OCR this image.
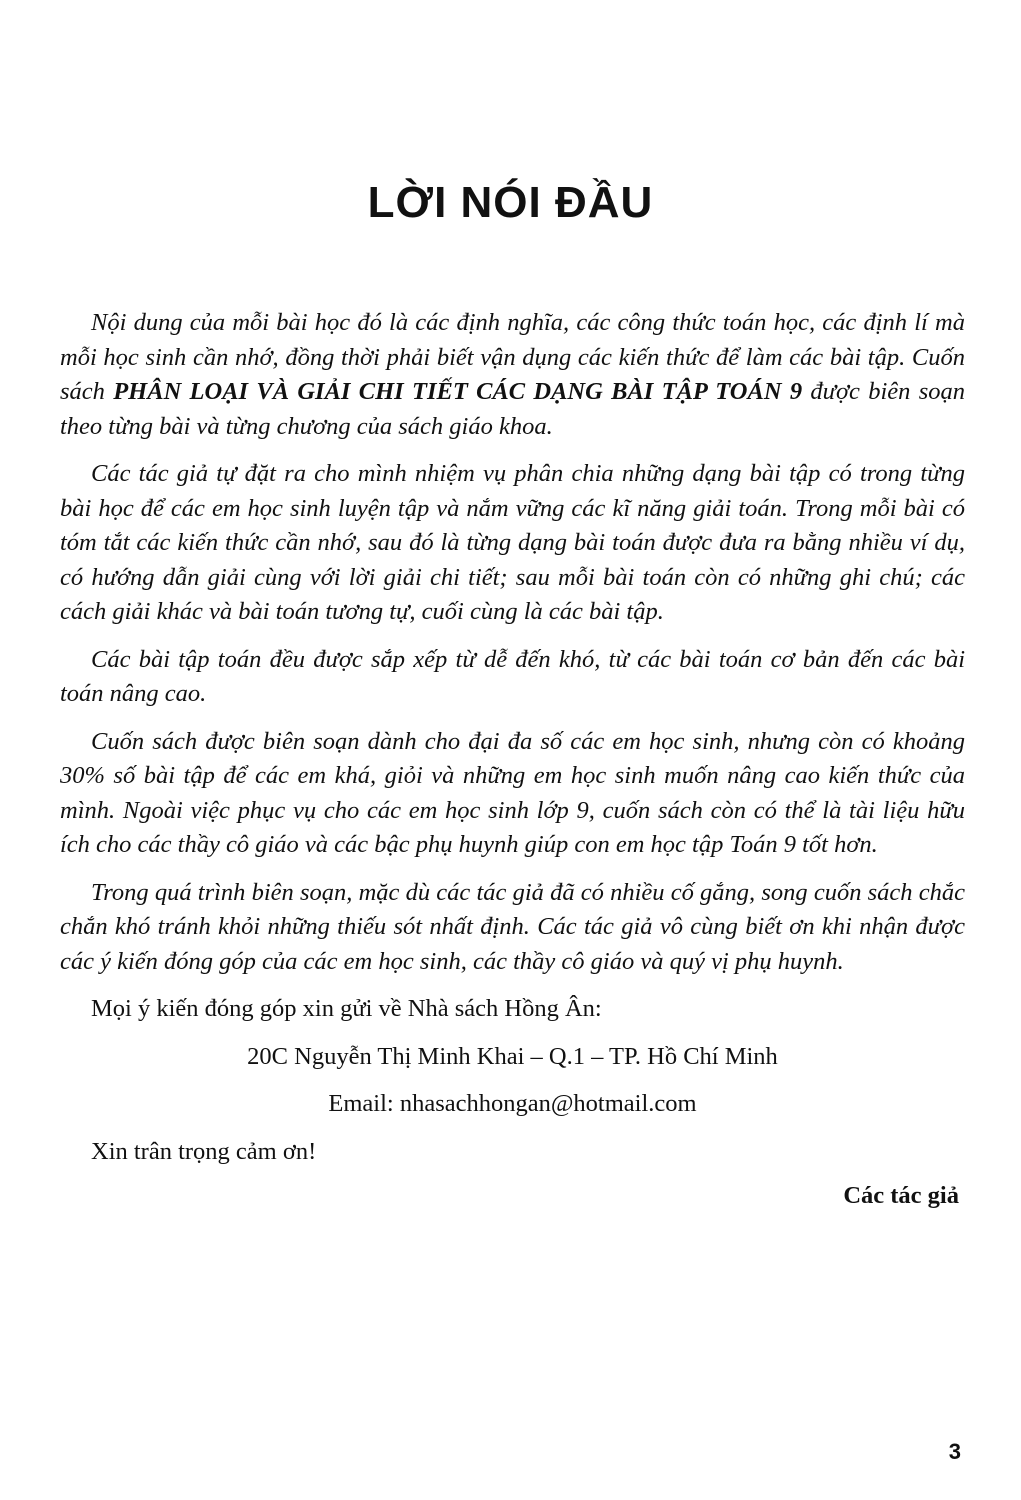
LỜI NÓI ĐẦU

Nội dung của mỗi bài học đó là các định nghĩa, các công thức toán học, các định lí mà mỗi học sinh cần nhớ, đồng thời phải biết vận dụng các kiến thức để làm các bài tập. Cuốn sách PHÂN LOẠI VÀ GIẢI CHI TIẾT CÁC DẠNG BÀI TẬP TOÁN 9 được biên soạn theo từng bài và từng chương của sách giáo khoa.

Các tác giả tự đặt ra cho mình nhiệm vụ phân chia những dạng bài tập có trong từng bài học để các em học sinh luyện tập và nắm vững các kĩ năng giải toán. Trong mỗi bài có tóm tắt các kiến thức cần nhớ, sau đó là từng dạng bài toán được đưa ra bằng nhiều ví dụ, có hướng dẫn giải cùng với lời giải chi tiết; sau mỗi bài toán còn có những ghi chú; các cách giải khác và bài toán tương tự, cuối cùng là các bài tập.

Các bài tập toán đều được sắp xếp từ dễ đến khó, từ các bài toán cơ bản đến các bài toán nâng cao.

Cuốn sách được biên soạn dành cho đại đa số các em học sinh, nhưng còn có khoảng 30% số bài tập để các em khá, giỏi và những em học sinh muốn nâng cao kiến thức của mình. Ngoài việc phục vụ cho các em học sinh lớp 9, cuốn sách còn có thể là tài liệu hữu ích cho các thầy cô giáo và các bậc phụ huynh giúp con em học tập Toán 9 tốt hơn.

Trong quá trình biên soạn, mặc dù các tác giả đã có nhiều cố gắng, song cuốn sách chắc chắn khó tránh khỏi những thiếu sót nhất định. Các tác giả vô cùng biết ơn khi nhận được các ý kiến đóng góp của các em học sinh, các thầy cô giáo và quý vị phụ huynh.

Mọi ý kiến đóng góp xin gửi về Nhà sách Hồng Ân:

20C Nguyễn Thị Minh Khai – Q.1 – TP. Hồ Chí Minh

Email: nhasachhongan@hotmail.com

Xin trân trọng cảm ơn!

Các tác giả

3
